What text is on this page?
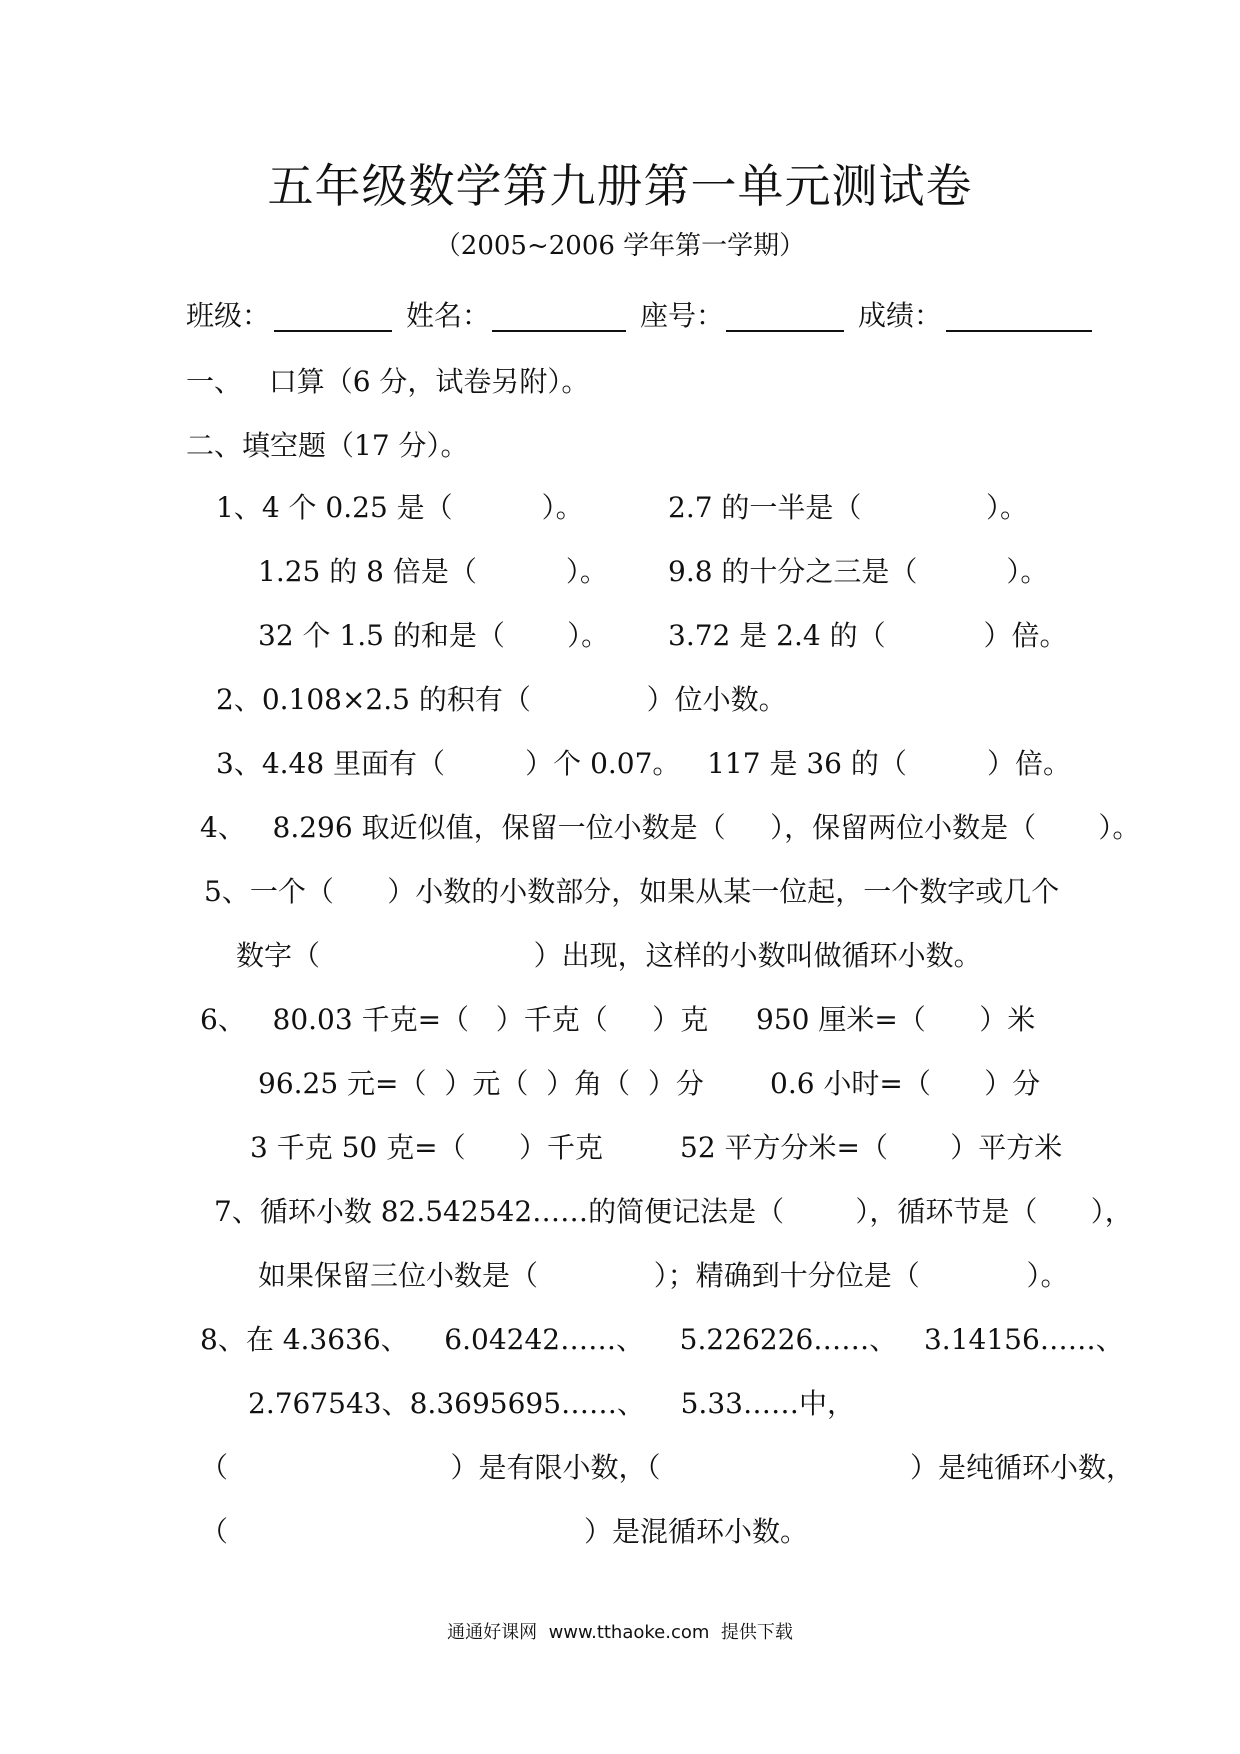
五年级数学第九册第一单元测试卷
（2005~2006 学年第一学期）
班级：	姓名：	座号：	成绩：
一、   口算（6 分，试卷另附）。
二、填空题（17 分）。
1、4 个 0.25 是（          ）。	2.7 的一半是（              ）。
1.25 的 8 倍是（          ）。 9.8 的十分之三是（          ）。
32 个 1.5 的和是（       ）。 3.72 是 2.4 的（           ）倍。
2、0.108×2.5 的积有（             ）位小数。
3、4.48 里面有（         ）个 0.07。   117 是 36 的（         ）倍。
4、   8.296 取近似值，保留一位小数是（     ），保留两位小数是（       ）。
5、一个（      ）小数的小数部分，如果从某一位起，一个数字或几个
数字（                        ）出现，这样的小数叫做循环小数。
6、   80.03 千克=（   ）千克（     ）克 950 厘米=（      ）米
96.25 元=（  ）元（  ）角（  ）分 0.6 小时=（      ）分
3 千克 50 克=（      ）千克	52 平方分米=（       ）平方米
7、循环小数 82.542542……的简便记法是（        ），循环节是（      ），
如果保留三位小数是（             ）；精确到十分位是（            ）。
8、在 4.3636、    6.04242……、    5.226226……、   3.14156……、
2.767543、8.3695695……、    5.33……中，
（                         ）是有限小数，（	）是纯循环小数，
（                                        ）是混循环小数。
通通好课网  www.tthaoke.com  提供下载
